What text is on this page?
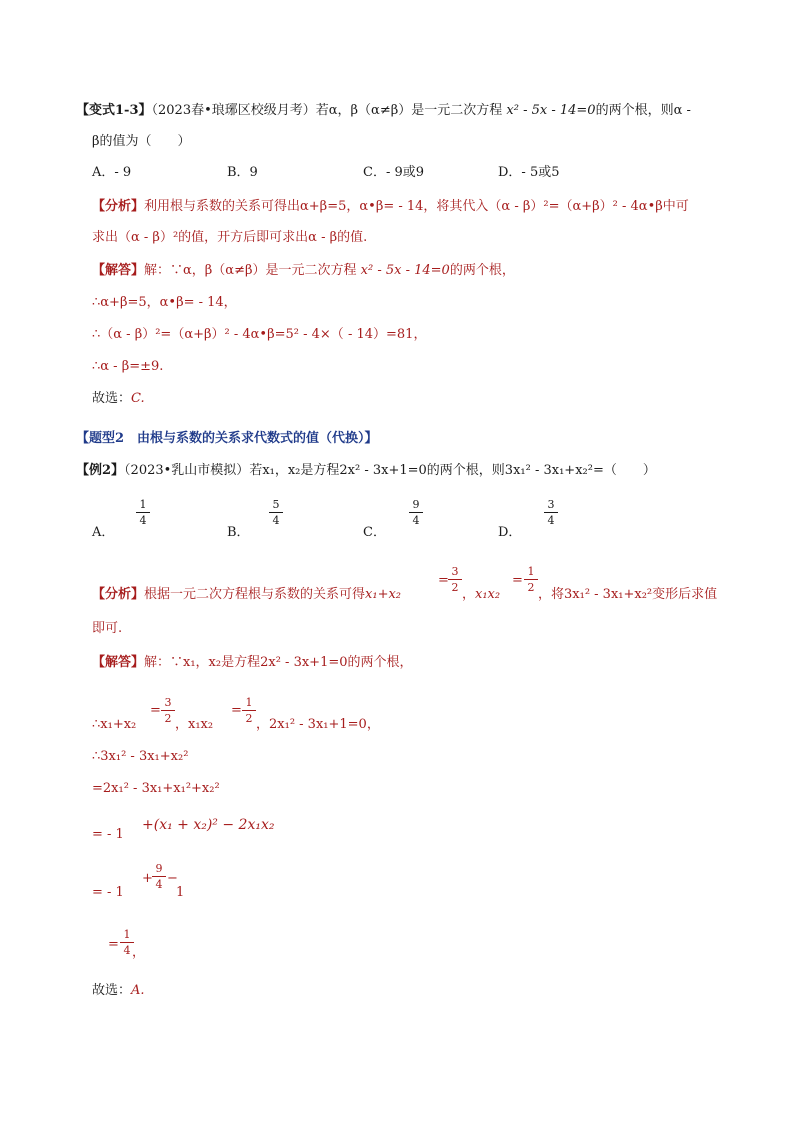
【变式1-3】（2023春•琅琊区校级月考）若α，β（α≠β）是一元二次方程 x² - 5x - 14=0的两个根，则α -
β的值为（　　）
A．- 9	B．9	C．- 9或9	D．- 5或5
【分析】利用根与系数的关系可得出α+β=5，α•β= - 14，将其代入（α - β）²=（α+β）² - 4α•β中可
求出（α - β）²的值，开方后即可求出α - β的值.
【解答】解：∵α，β（α≠β）是一元二次方程 x² - 5x - 14=0的两个根，
∴α+β=5，α•β= - 14，
∴（α - β）²=（α+β）² - 4α•β=5² - 4×（ - 14）=81，
∴α - β=±9.
故选：C.
【题型2　由根与系数的关系求代数式的值（代换）】
【例2】（2023•乳山市模拟）若x₁，x₂是方程2x² - 3x+1=0的两个根，则3x₁² - 3x₁+x₂²=（　　）
A．
1
4
B．
5
4
C．
9
4
D．
3
4
【分析】根据一元二次方程根与系数的关系可得x₁+x₂
=
3
2 ，x₁x₂
=
1
2 ，将3x₁² - 3x₁+x₂²变形后求值
即可.
【解答】解：∵x₁，x₂是方程2x² - 3x+1=0的两个根，
∴x₁+x₂
=
3
2 ，x₁x₂
=
1
2 ，2x₁² - 3x₁+1=0，
∴3x₁² - 3x₁+x₂²
=2x₁² - 3x₁+x₁²+x₂²
= - 1
+(x₁ + x₂)² − 2x₁x₂
= - 1
+
9
4 −
1
=
1
4 ，
故选：A.
